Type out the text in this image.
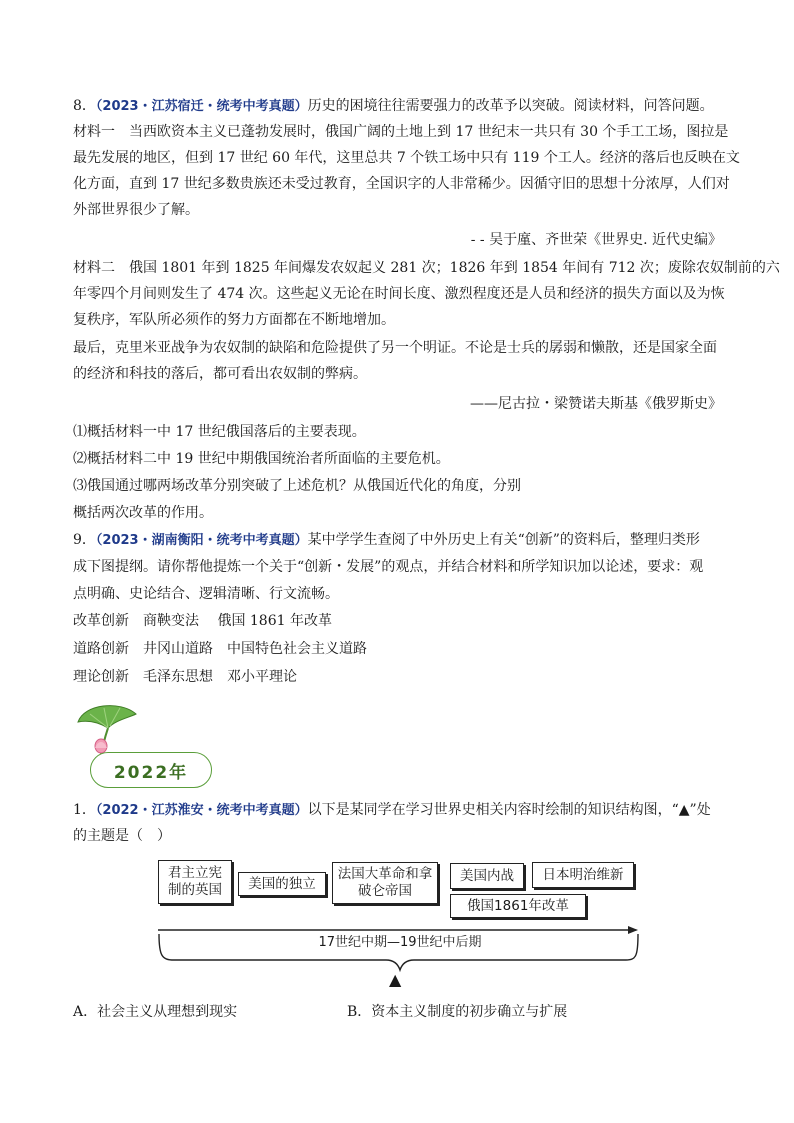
8．（2023・江苏宿迁・统考中考真题）历史的困境往往需要强力的改革予以突破。阅读材料，问答问题。
材料一　当西欧资本主义已蓬勃发展时，俄国广阔的土地上到 17 世纪末一共只有 30 个手工工场，图拉是
最先发展的地区，但到 17 世纪 60 年代，这里总共 7 个铁工场中只有 119 个工人。经济的落后也反映在文
化方面，直到 17 世纪多数贵族还未受过教育，全国识字的人非常稀少。因循守旧的思想十分浓厚，人们对
外部世界很少了解。
- - 吴于廑、齐世荣《世界史. 近代史编》
材料二　俄国 1801 年到 1825 年间爆发农奴起义 281 次；1826 年到 1854 年间有 712 次；废除农奴制前的六
年零四个月间则发生了 474 次。这些起义无论在时间长度、激烈程度还是人员和经济的损失方面以及为恢
复秩序，军队所必须作的努力方面都在不断地增加。
最后，克里米亚战争为农奴制的缺陷和危险提供了另一个明证。不论是士兵的孱弱和懒散，还是国家全面
的经济和科技的落后，都可看出农奴制的弊病。
——尼古拉・梁赞诺夫斯基《俄罗斯史》
⑴概括材料一中 17 世纪俄国落后的主要表现。
⑵概括材料二中 19 世纪中期俄国统治者所面临的主要危机。
⑶俄国通过哪两场改革分别突破了上述危机？从俄国近代化的角度，分别
概括两次改革的作用。
9．（2023・湖南衡阳・统考中考真题）某中学学生查阅了中外历史上有关“创新”的资料后，整理归类形
成下图提纲。请你帮他提炼一个关于“创新・发展”的观点，并结合材料和所学知识加以论述，要求：观
点明确、史论结合、逻辑清晰、行文流畅。
改革创新　商鞅变法　 俄国 1861 年改革
道路创新　井冈山道路　中国特色社会主义道路
理论创新　毛泽东思想　邓小平理论
2022年
1．（2022・江苏淮安・统考中考真题）以下是某同学在学习世界史相关内容时绘制的知识结构图，“▲”处
的主题是（　）
君主立宪制的英国	美国的独立
法国大革命和拿破仑帝国
美国内战	日本明治维新
俄国1861年改革
17世纪中期—19世纪中后期
▲
A．社会主义从理想到现实	B．资本主义制度的初步确立与扩展
